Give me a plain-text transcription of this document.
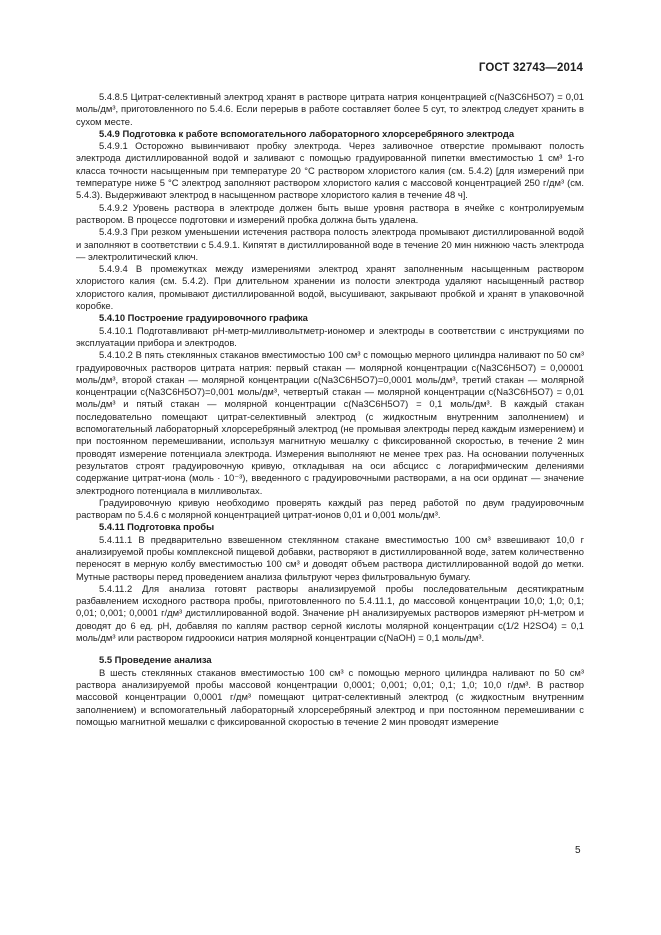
ГОСТ 32743—2014

5.4.8.5 Цитрат-селективный электрод хранят в растворе цитрата натрия концентрацией c(Na3C6H5O7) = 0,01 моль/дм³, приготовленного по 5.4.6. Если перерыв в работе составляет более 5 сут, то электрод следует хранить в сухом месте.

5.4.9 Подготовка к работе вспомогательного лабораторного хлорсеребряного электрода

5.4.9.1 Осторожно вывинчивают пробку электрода. Через заливочное отверстие промывают полость электрода дистиллированной водой и заливают с помощью градуированной пипетки вместимостью 1 см³ 1-го класса точности насыщенным при температуре 20 °С раствором хлористого калия (см. 5.4.2) [для измерений при температуре ниже 5 °С электрод заполняют раствором хлористого калия с массовой концентрацией 250 г/дм³ (см. 5.4.3). Выдерживают электрод в насыщенном растворе хлористого калия в течение 48 ч].

5.4.9.2 Уровень раствора в электроде должен быть выше уровня раствора в ячейке с контролируемым раствором. В процессе подготовки и измерений пробка должна быть удалена.

5.4.9.3 При резком уменьшении истечения раствора полость электрода промывают дистиллированной водой и заполняют в соответствии с 5.4.9.1. Кипятят в дистиллированной воде в течение 20 мин нижнюю часть электрода — электролитический ключ.

5.4.9.4 В промежутках между измерениями электрод хранят заполненным насыщенным раствором хлористого калия (см. 5.4.2). При длительном хранении из полости электрода удаляют насыщенный раствор хлористого калия, промывают дистиллированной водой, высушивают, закрывают пробкой и хранят в упаковочной коробке.

5.4.10 Построение градуировочного графика

5.4.10.1 Подготавливают рН-метр-милливольтметр-иономер и электроды в соответствии с инструкциями по эксплуатации прибора и электродов.

5.4.10.2 В пять стеклянных стаканов вместимостью 100 см³ с помощью мерного цилиндра наливают по 50 см³ градуировочных растворов цитрата натрия: первый стакан — молярной концентрации c(Na3C6H5O7) = 0,00001 моль/дм³, второй стакан — молярной концентрации c(Na3C6H5O7)=0,0001 моль/дм³, третий стакан — молярной концентрации c(Na3C6H5O7)=0,001 моль/дм³, четвертый стакан — молярной концентрации c(Na3C6H5O7) = 0,01 моль/дм³ и пятый стакан — молярной концентрации c(Na3C6H5O7) = 0,1 моль/дм³. В каждый стакан последовательно помещают цитрат-селективный электрод (с жидкостным внутренним заполнением) и вспомогательный лабораторный хлорсеребряный электрод (не промывая электроды перед каждым измерением) и при постоянном перемешивании, используя магнитную мешалку с фиксированной скоростью, в течение 2 мин проводят измерение потенциала электрода. Измерения выполняют не менее трех раз. На основании полученных результатов строят градуировочную кривую, откладывая на оси абсцисс с логарифмическим делениями содержание цитрат-иона (моль · 10⁻³), введенного с градуировочными растворами, а на оси ординат — значение электродного потенциала в милливольтах.

Градуировочную кривую необходимо проверять каждый раз перед работой по двум градуировочным растворам по 5.4.6 с молярной концентрацией цитрат-ионов 0,01 и 0,001 моль/дм³.

5.4.11 Подготовка пробы

5.4.11.1 В предварительно взвешенном стеклянном стакане вместимостью 100 см³ взвешивают 10,0 г анализируемой пробы комплексной пищевой добавки, растворяют в дистиллированной воде, затем количественно переносят в мерную колбу вместимостью 100 см³ и доводят объем раствора дистиллированной водой до метки. Мутные растворы перед проведением анализа фильтруют через фильтровальную бумагу.

5.4.11.2 Для анализа готовят растворы анализируемой пробы последовательным десятикратным разбавлением исходного раствора пробы, приготовленного по 5.4.11.1, до массовой концентрации 10,0; 1,0; 0,1; 0,01; 0,001; 0,0001 г/дм³ дистиллированной водой. Значение рН анализируемых растворов измеряют рН-метром и доводят до 6 ед. рН, добавляя по каплям раствор серной кислоты молярной концентрации c(1/2 H2SO4) = 0,1 моль/дм³ или раствором гидроокиси натрия молярной концентрации c(NaOH) = 0,1 моль/дм³.

5.5 Проведение анализа

В шесть стеклянных стаканов вместимостью 100 см³ с помощью мерного цилиндра наливают по 50 см³ раствора анализируемой пробы массовой концентрации 0,0001; 0,001; 0,01; 0,1; 1,0; 10,0 г/дм³. В раствор массовой концентрации 0,0001 г/дм³ помещают цитрат-селективный электрод (с жидкостным внутренним заполнением) и вспомогательный лабораторный хлорсеребряный электрод и при постоянном перемешивании с помощью магнитной мешалки с фиксированной скоростью в течение 2 мин проводят измерение

5
